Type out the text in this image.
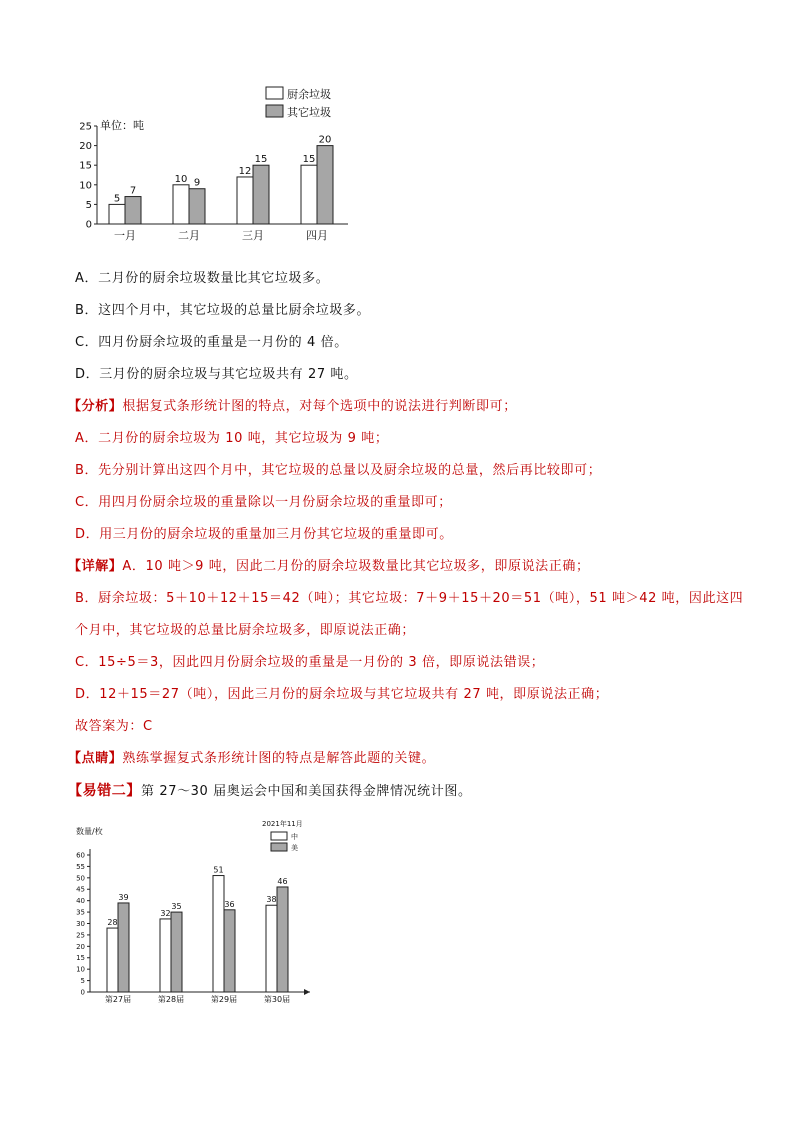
0
5
10
15
20
25 单位：吨
5
7
一月
10 9
二月
12
15
三月
15
20
四月
厨余垃圾
其它垃圾
A．二月份的厨余垃圾数量比其它垃圾多。
B．这四个月中，其它垃圾的总量比厨余垃圾多。
C．四月份厨余垃圾的重量是一月份的 4 倍。
D．三月份的厨余垃圾与其它垃圾共有 27 吨。
【分析】根据复式条形统计图的特点，对每个选项中的说法进行判断即可；
A．二月份的厨余垃圾为 10 吨，其它垃圾为 9 吨；
B．先分别计算出这四个月中，其它垃圾的总量以及厨余垃圾的总量，然后再比较即可；
C．用四月份厨余垃圾的重量除以一月份厨余垃圾的重量即可；
D．用三月份的厨余垃圾的重量加三月份其它垃圾的重量即可。
【详解】A．10 吨＞9 吨，因此二月份的厨余垃圾数量比其它垃圾多，即原说法正确；
B．厨余垃圾：5＋10＋12＋15＝42（吨）；其它垃圾：7＋9＋15＋20＝51（吨），51 吨＞42 吨，因此这四
个月中，其它垃圾的总量比厨余垃圾多，即原说法正确；
C．15÷5＝3，因此四月份厨余垃圾的重量是一月份的 3 倍，即原说法错误；
D．12＋15＝27（吨），因此三月份的厨余垃圾与其它垃圾共有 27 吨，即原说法正确；
故答案为：C
【点睛】熟练掌握复式条形统计图的特点是解答此题的关键。
【易错二】第 27～30 届奥运会中国和美国获得金牌情况统计图。
0
5
10
15
20
25
30
35
40
45
50
55
60
数量/枚
28
39
第27届
32
35
第28届
51
36
第29届
38
46
第30届
中
美
2021年11月
